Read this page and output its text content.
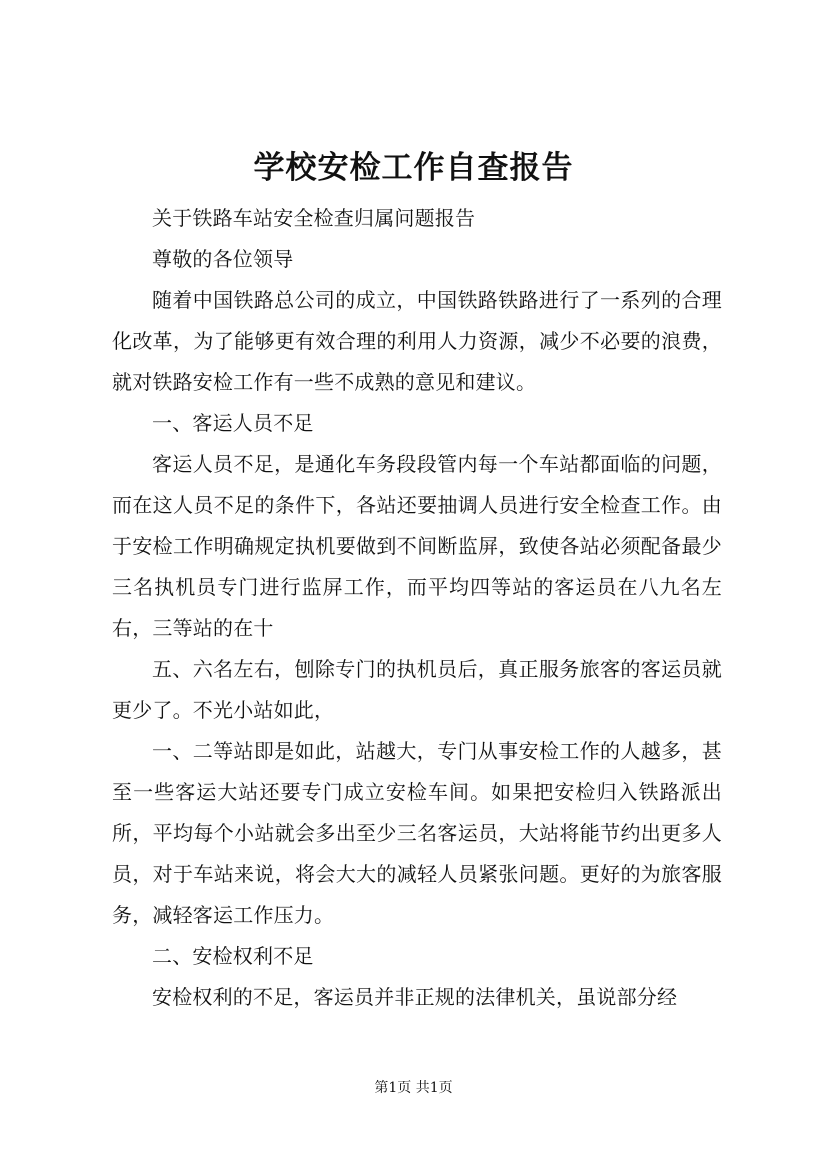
学校安检工作自查报告

关于铁路车站安全检查归属问题报告

尊敬的各位领导

随着中国铁路总公司的成立，中国铁路铁路进行了一系列的合理化改革，为了能够更有效合理的利用人力资源，减少不必要的浪费，就对铁路安检工作有一些不成熟的意见和建议。

一、客运人员不足

客运人员不足，是通化车务段段管内每一个车站都面临的问题，而在这人员不足的条件下，各站还要抽调人员进行安全检查工作。由于安检工作明确规定执机要做到不间断监屏，致使各站必须配备最少三名执机员专门进行监屏工作，而平均四等站的客运员在八九名左右，三等站的在十

五、六名左右，刨除专门的执机员后，真正服务旅客的客运员就更少了。不光小站如此，

一、二等站即是如此，站越大，专门从事安检工作的人越多，甚至一些客运大站还要专门成立安检车间。如果把安检归入铁路派出所，平均每个小站就会多出至少三名客运员，大站将能节约出更多人员，对于车站来说，将会大大的减轻人员紧张问题。更好的为旅客服务，减轻客运工作压力。

二、安检权利不足

安检权利的不足，客运员并非正规的法律机关，虽说部分经

第1页 共1页
